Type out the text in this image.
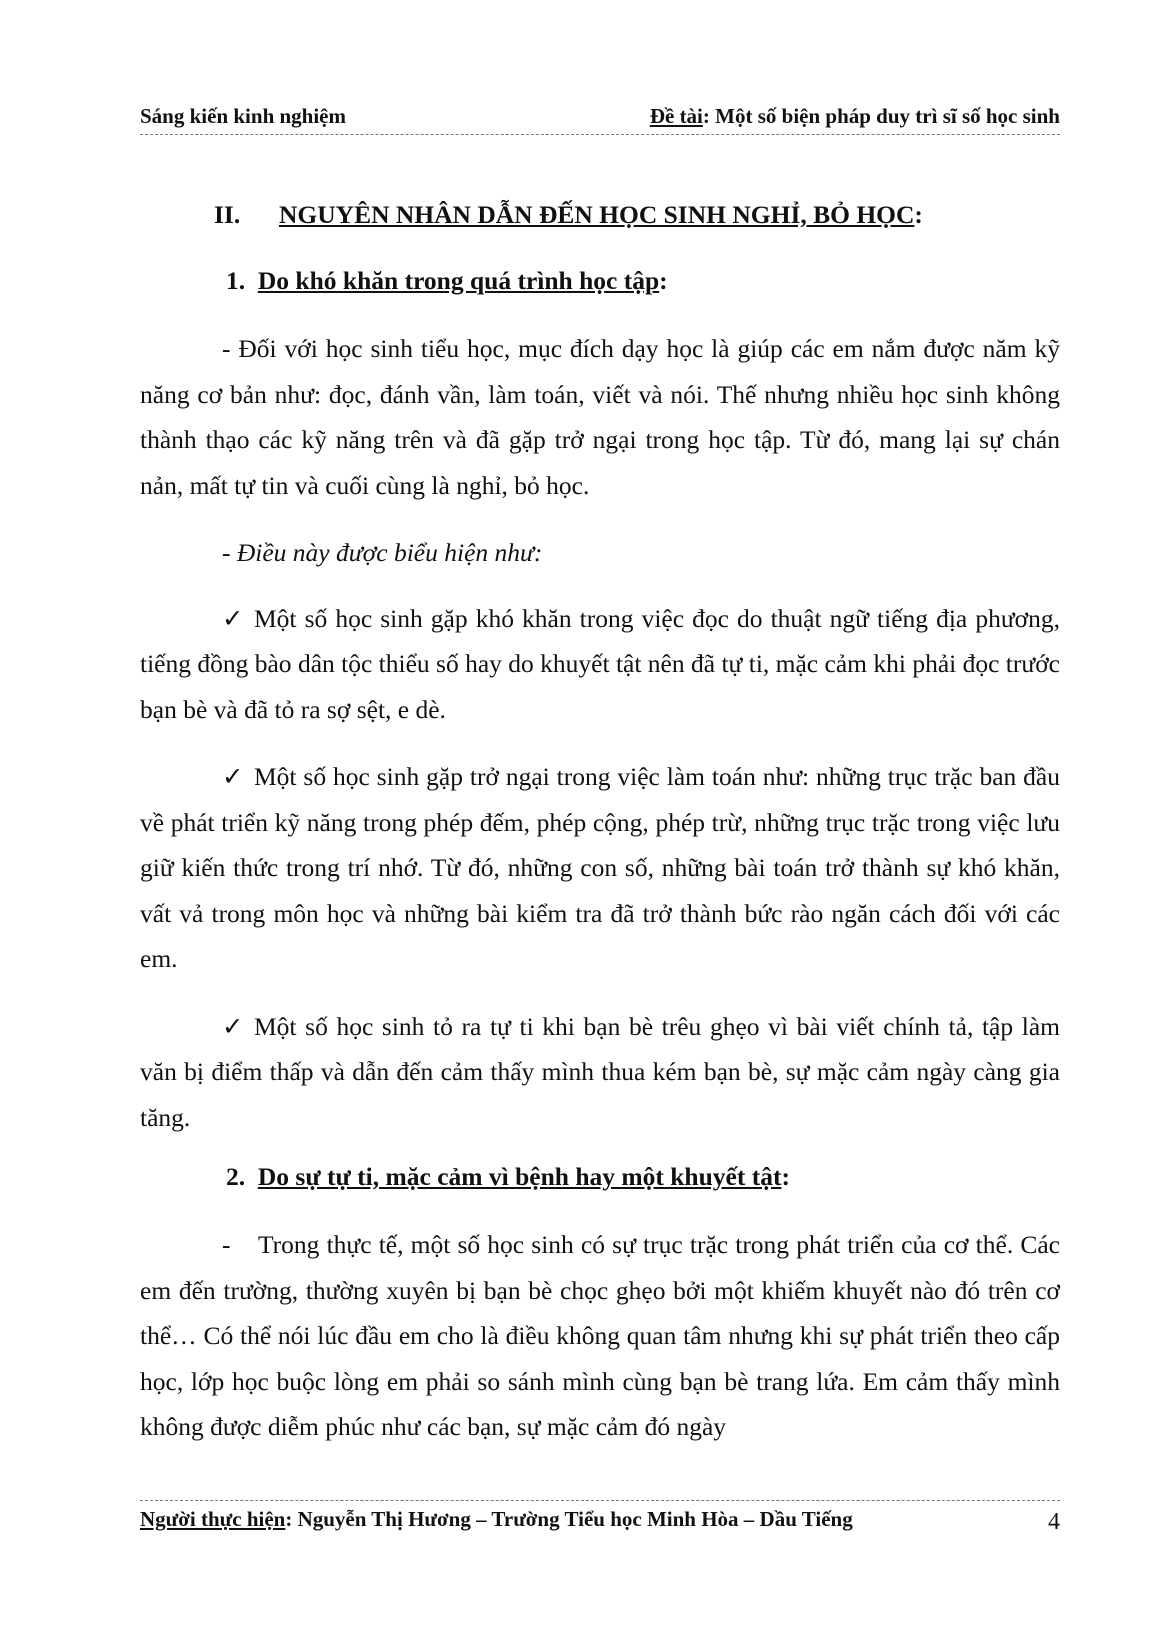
Sáng kiến kinh nghiệm	Đề tài: Một số biện pháp duy trì sĩ số học sinh
II.	NGUYÊN NHÂN DẪN ĐẾN HỌC SINH NGHỈ, BỎ HỌC:
1. Do khó khăn trong quá trình học tập:

- Đối với học sinh tiểu học, mục đích dạy học là giúp các em nắm được năm kỹ năng cơ bản như: đọc, đánh vần, làm toán, viết và nói. Thế nhưng nhiều học sinh không thành thạo các kỹ năng trên và đã gặp trở ngại trong học tập. Từ đó, mang lại sự chán nản, mất tự tin và cuối cùng là nghỉ, bỏ học.

- Điều này được biểu hiện như:

✓ Một số học sinh gặp khó khăn trong việc đọc do thuật ngữ tiếng địa phương, tiếng đồng bào dân tộc thiểu số hay do khuyết tật nên đã tự ti, mặc cảm khi phải đọc trước bạn bè và đã tỏ ra sợ sệt, e dè.

✓ Một số học sinh gặp trở ngại trong việc làm toán như: những trục trặc ban đầu về phát triển kỹ năng trong phép đếm, phép cộng, phép trừ, những trục trặc trong việc lưu giữ kiến thức trong trí nhớ. Từ đó, những con số, những bài toán trở thành sự khó khăn, vất vả trong môn học và những bài kiểm tra đã trở thành bức rào ngăn cách đối với các em.

✓ Một số học sinh tỏ ra tự ti khi bạn bè trêu ghẹo vì bài viết chính tả, tập làm văn bị điểm thấp và dẫn đến cảm thấy mình thua kém bạn bè, sự mặc cảm ngày càng gia tăng.

2. Do sự tự ti, mặc cảm vì bệnh hay một khuyết tật:

- Trong thực tế, một số học sinh có sự trục trặc trong phát triển của cơ thể. Các em đến trường, thường xuyên bị bạn bè chọc ghẹo bởi một khiếm khuyết nào đó trên cơ thể… Có thể nói lúc đầu em cho là điều không quan tâm nhưng khi sự phát triển theo cấp học, lớp học buộc lòng em phải so sánh mình cùng bạn bè trang lứa. Em cảm thấy mình không được diễm phúc như các bạn, sự mặc cảm đó ngày

Người thực hiện: Nguyễn Thị Hương – Trường Tiểu học Minh Hòa – Dầu Tiếng	4
